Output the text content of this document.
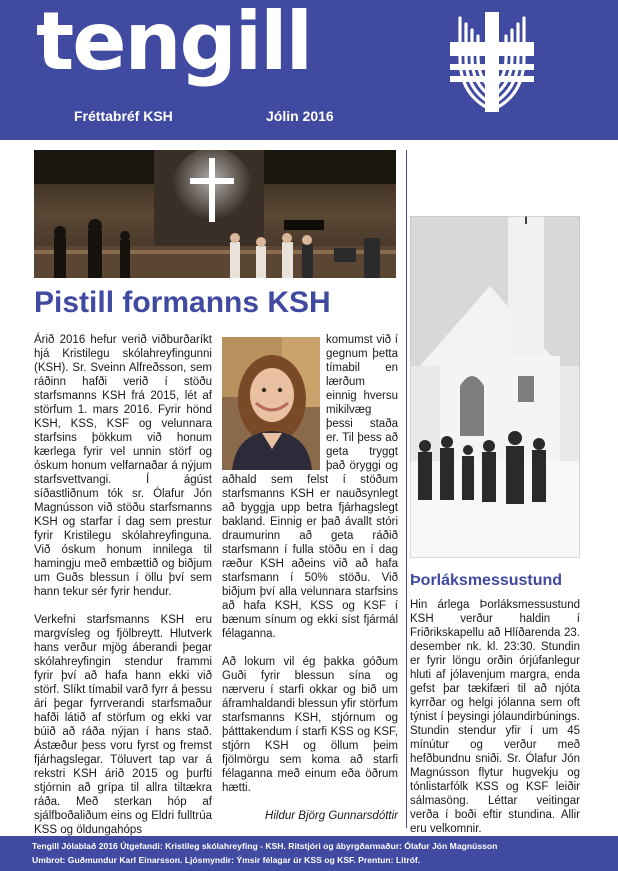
tengill
Fréttabréf KSH	Jólin 2016
Pistill formanns KSH

Árið 2016 hefur verið viðburðaríkt hjá Kristilegu skólahreyfingunni (KSH). Sr. Sveinn Alfreðsson, sem ráðinn hafði verið í stöðu starfsmanns KSH frá 2015, lét af störfum 1. mars 2016. Fyrir hönd KSH, KSS, KSF og velunnara starfsins þökkum við honum kærlega fyrir vel unnin störf og óskum honum velfarnaðar á nýjum starfsvettvangi. Í ágúst síðastliðnum tók sr. Ólafur Jón Magnússon við stöðu starfsmanns KSH og starfar í dag sem prestur fyrir Kristilegu skólahreyfinguna. Við óskum honum innilega til hamingju með embættið og biðjum um Guðs blessun í öllu því sem hann tekur sér fyrir hendur.

Verkefni starfsmanns KSH eru margvísleg og fjölbreytt. Hlutverk hans verður mjög áberandi þegar skólahreyfingin stendur frammi fyrir því að hafa hann ekki við störf. Slíkt tímabil varð fyrr á þessu ári þegar fyrrverandi starfsmaður hafði látið af störfum og ekki var búið að ráða nýjan í hans stað. Ástæður þess voru fyrst og fremst fjárhagslegar. Töluvert tap var á rekstri KSH árið 2015 og þurfti stjórnin að grípa til allra tiltækra ráða. Með sterkan hóp af sjálfboðaliðum eins og Eldri fulltrúa KSS og öldungahóps

komumst við í gegnum þetta tímabil en lærðum einnig hversu mikilvæg þessi staða er. Til þess að geta tryggt það öryggi og aðhald sem felst í stöðum starfsmanns KSH er nauðsynlegt að byggja upp betra fjárhagslegt bakland. Einnig er það ávallt stóri draumurinn að geta ráðið starfsmann í fulla stöðu en í dag ræður KSH aðeins við að hafa starfsmann í 50% stöðu. Við biðjum því alla velunnara starfsins að hafa KSH, KSS og KSF í bænum sínum og ekki síst fjármál félaganna.

Að lokum vil ég þakka góðum Guði fyrir blessun sína og nærveru í starfi okkar og bið um áframhaldandi blessun yfir störfum starfsmanns KSH, stjórnum og þátttakendum í starfi KSS og KSF, stjórn KSH og öllum þeim fjölmörgu sem koma að starfi félaganna með einum eða öðrum hætti.

Hildur Björg Gunnarsdóttir
Þorláksmessustund

Hin árlega Þorláksmessustund KSH verður haldin í Friðrikskapellu að Hlíðarenda 23. desember nk. kl. 23:30. Stundin er fyrir löngu orðin órjúfanlegur hluti af jólavenjum margra, enda gefst þar tækifæri til að njóta kyrrðar og helgi jólanna sem oft týnist í þeysingi jólaundirbúnings. Stundin stendur yfir í um 45 mínútur og verður með hefðbundnu sniði. Sr. Ólafur Jón Magnússon flytur hugvekju og tónlistarfólk KSS og KSF leiðir sálmasöng. Léttar veitingar verða í boði eftir stundina. Allir eru velkomnir.

Tengill Jólablað 2016 Útgefandi: Kristileg skólahreyfing - KSH. Ritstjóri og ábyrgðarmaður: Ólafur Jón Magnússon
Umbrot: Guðmundur Karl Einarsson. Ljósmyndir: Ýmsir félagar úr KSS og KSF. Prentun: Litróf.
